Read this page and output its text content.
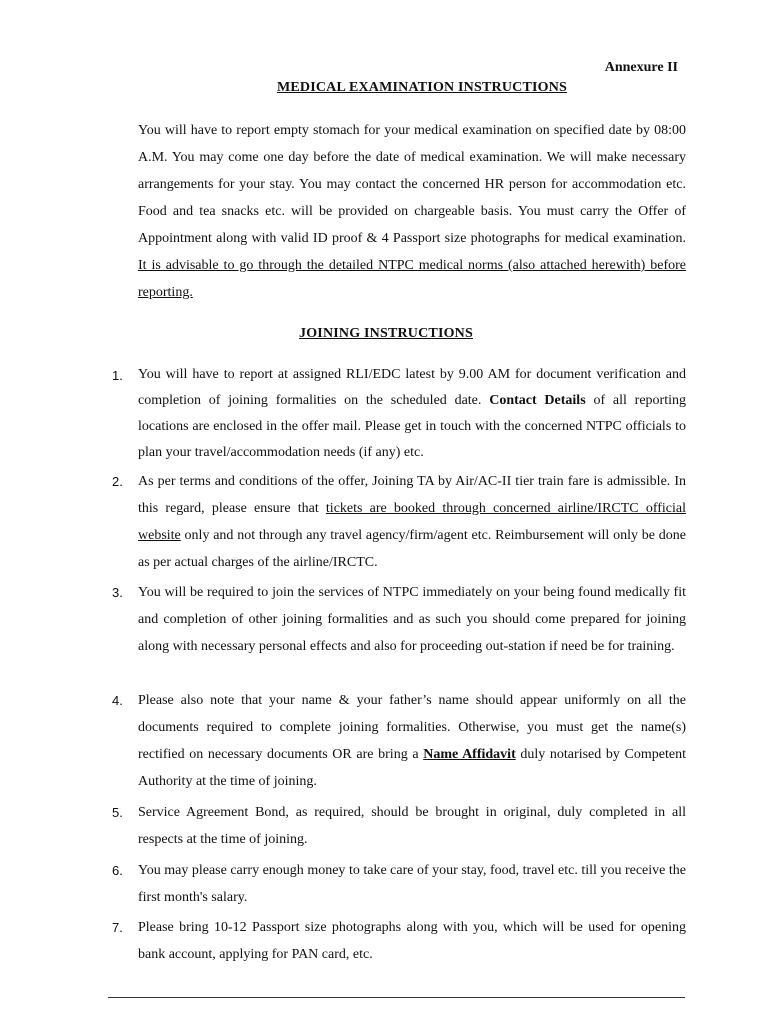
Annexure II
MEDICAL EXAMINATION INSTRUCTIONS
You will have to report empty stomach for your medical examination on specified date by 08:00 A.M. You may come one day before the date of medical examination. We will make necessary arrangements for your stay. You may contact the concerned HR person for accommodation etc. Food and tea snacks etc. will be provided on chargeable basis. You must carry the Offer of Appointment along with valid ID proof & 4 Passport size photographs for medical examination. It is advisable to go through the detailed NTPC medical norms (also attached herewith) before reporting.
JOINING INSTRUCTIONS
1.	You will have to report at assigned RLI/EDC latest by 9.00 AM for document verification and completion of joining formalities on the scheduled date. Contact Details of all reporting locations are enclosed in the offer mail. Please get in touch with the concerned NTPC officials to plan your travel/accommodation needs (if any) etc.
2.	As per terms and conditions of the offer, Joining TA by Air/AC-II tier train fare is admissible. In this regard, please ensure that tickets are booked through concerned airline/IRCTC official website only and not through any travel agency/firm/agent etc. Reimbursement will only be done as per actual charges of the airline/IRCTC.
3.	You will be required to join the services of NTPC immediately on your being found medically fit and completion of other joining formalities and as such you should come prepared for joining along with necessary personal effects and also for proceeding out-station if need be for training.
4.	Please also note that your name & your father’s name should appear uniformly on all the documents required to complete joining formalities. Otherwise, you must get the name(s) rectified on necessary documents OR are bring a Name Affidavit duly notarised by Competent Authority at the time of joining.
5.	Service Agreement Bond, as required, should be brought in original, duly completed in all respects at the time of joining.
6.	You may please carry enough money to take care of your stay, food, travel etc. till you receive the first month's salary.
7.	Please bring 10-12 Passport size photographs along with you, which will be used for opening bank account, applying for PAN card, etc.
